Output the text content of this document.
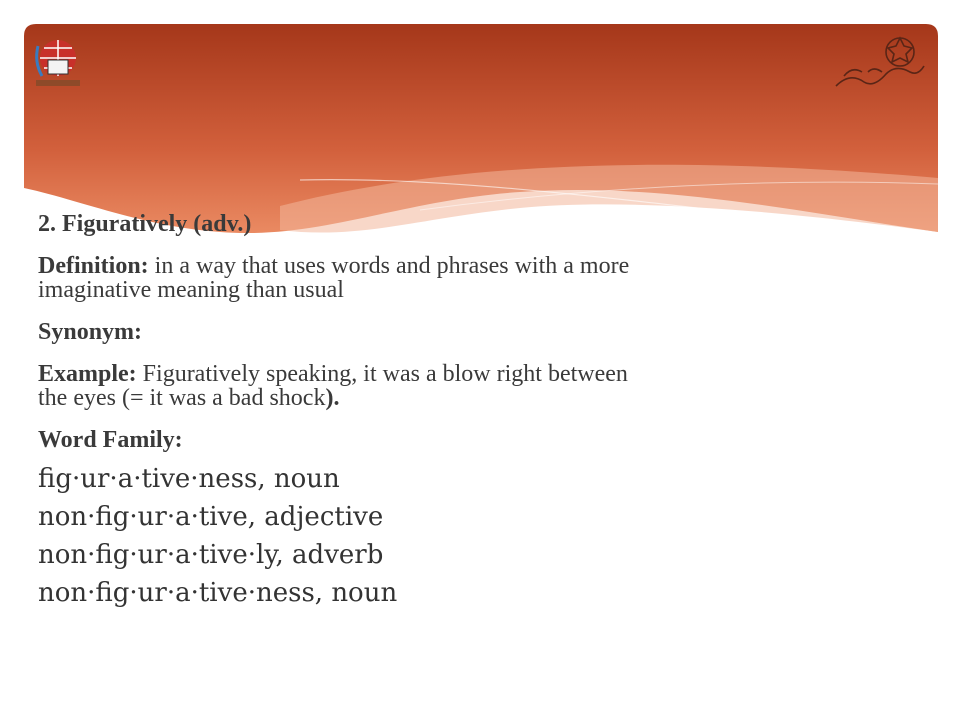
2. Figuratively (adv.)

Definition: in a way that uses words and phrases with a more

imaginative meaning than usual

Synonym:

Example: Figuratively speaking, it was a blow right between

the eyes (= it was a bad shock).

Word Family:

fig·ur·a·tive·ness, noun

non·fig·ur·a·tive, adjective

non·fig·ur·a·tive·ly, adverb

non·fig·ur·a·tive·ness, noun
